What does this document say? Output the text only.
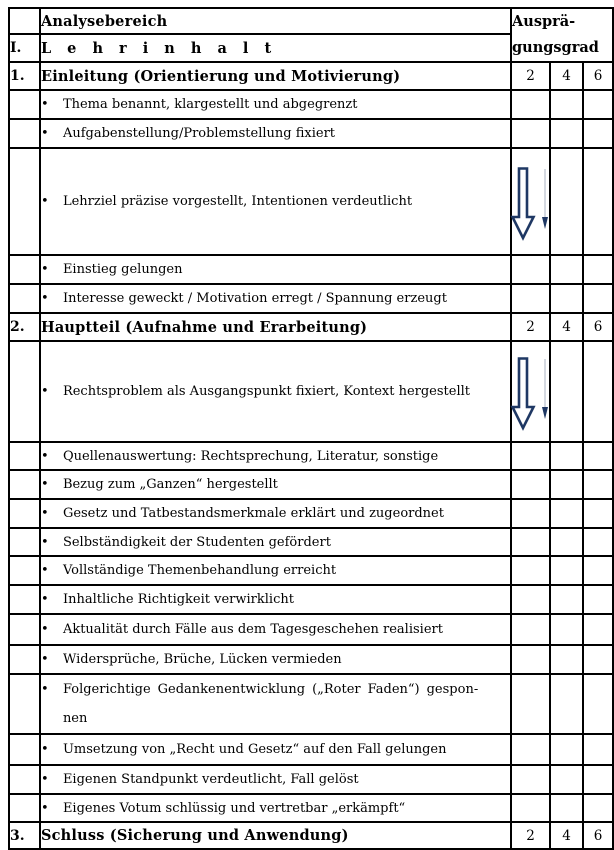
	Analysebereich	Ausprä-
gungsgrad		

I.	L e h r i n h a l t			
1.	Einleitung (Orientierung und Motivierung)	2	4	6
	• Thema benannt, klargestellt und abgegrenzt			
	• Aufgabenstellung/Problemstellung fixiert			
	• Lehrziel präzise vorgestellt, Intentionen verdeutlicht	

	• Einstieg gelungen			
	• Interesse geweckt / Motivation erregt / Spannung erzeugt			
2.	Hauptteil (Aufnahme und Erarbeitung)	2	4	6
	• Rechtsproblem als Ausgangspunkt fixiert, Kontext hergestellt	

	• Quellenauswertung: Rechtsprechung, Literatur, sonstige			
	• Bezug zum „Ganzen“ hergestellt			
	• Gesetz und Tatbestandsmerkmale erklärt und zugeordnet			
	• Selbständigkeit der Studenten gefördert			
	• Vollständige Themenbehandlung erreicht			
	• Inhaltliche Richtigkeit verwirklicht			
	• Aktualität durch Fälle aus dem Tagesgeschehen realisiert			
	• Widersprüche, Brüche, Lücken vermieden			

	• Folgerichtige Gedankenentwicklung („Roter Faden“) gespon-
nen			

	• Umsetzung von „Recht und Gesetz“ auf den Fall gelungen			
	• Eigenen Standpunkt verdeutlicht, Fall gelöst			
	• Eigenes Votum schlüssig und vertretbar „erkämpft“			
3.	Schluss (Sicherung und Anwendung)	2	4	6
